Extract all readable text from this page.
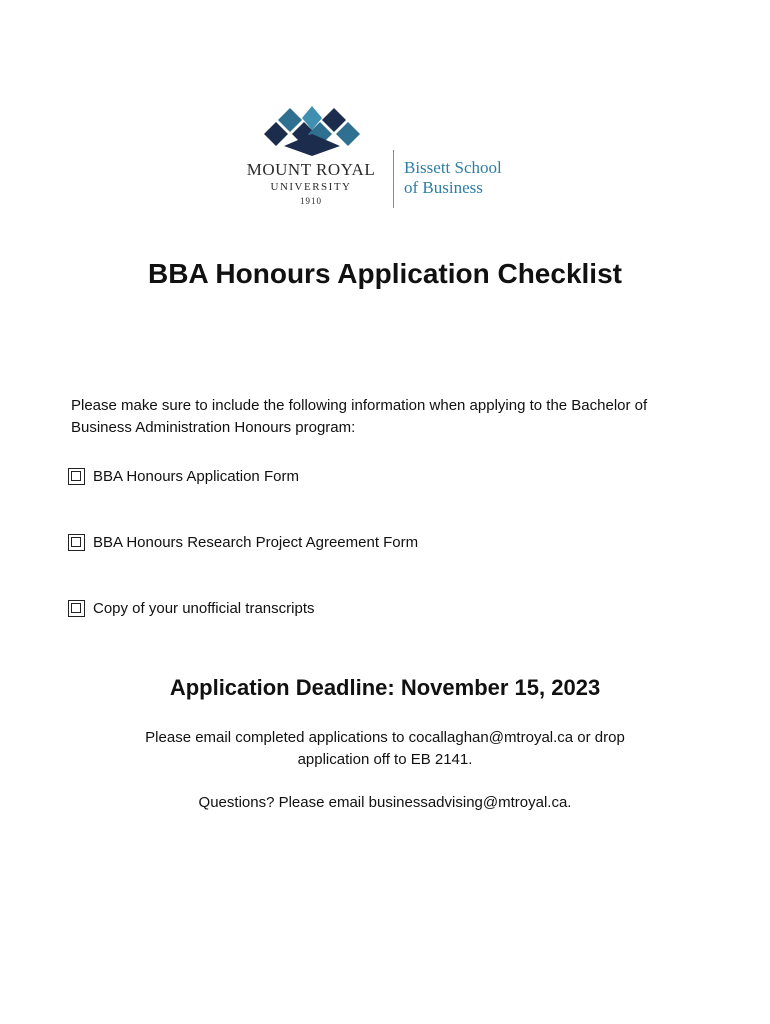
MOUNT ROYAL
UNIVERSITY
1910
Bissett School
of Business
BBA Honours Application Checklist
Please make sure to include the following information when applying to the Bachelor of Business Administration Honours program:
BBA Honours Application Form
BBA Honours Research Project Agreement Form
Copy of your unofficial transcripts
Application Deadline: November 15, 2023
Please email completed applications to cocallaghan@mtroyal.ca or drop application off to EB 2141.
Questions? Please email businessadvising@mtroyal.ca.
